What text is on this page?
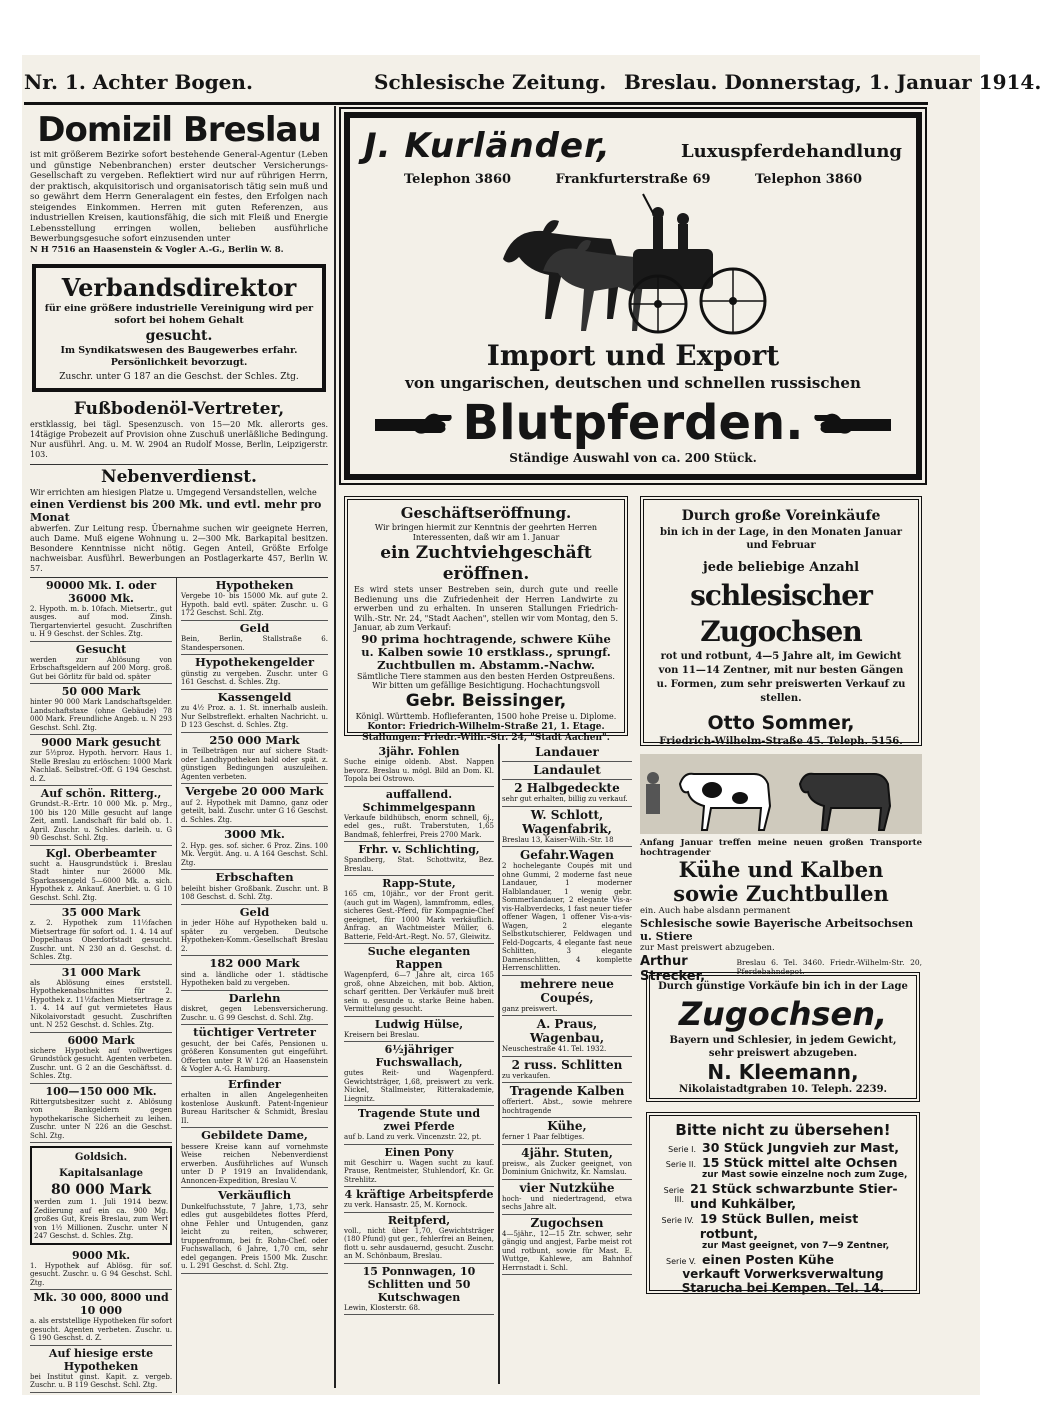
Nr. 1. Achter Bogen.	Schlesische Zeitung. Breslau. Donnerstag, 1. Januar 1914.
Domizil Breslau
ist mit größerem Bezirke sofort bestehende General-Agentur (Leben und günstige Nebenbranchen) erster deutscher Versicherungs-Gesellschaft zu vergeben. Reflektiert wird nur auf rührigen Herrn, der praktisch, akquisitorisch und organisatorisch tätig sein muß und so gewährt dem Herrn Generalagent ein festes, den Erfolgen nach steigendes Einkommen. Herren mit guten Referenzen, aus industriellen Kreisen, kautionsfähig, die sich mit Fleiß und Energie Lebensstellung erringen wollen, belieben ausführliche Bewerbungsgesuche sofort einzusenden unter
N H 7516 an Haasenstein & Vogler A.-G., Berlin W. 8.
Verbandsdirektor
für eine größere industrielle Vereinigung wird per sofort bei hohem Gehalt
gesucht.
Im Syndikatswesen des Baugewerbes erfahr. Persönlichkeit bevorzugt.
Zuschr. unter G 187 an die Geschst. der Schles. Ztg.
Fußbodenöl-Vertreter,
erstklassig, bei tägl. Spesenzusch. von 15—20 Mk. allerorts ges. 14tägige Probezeit auf Provision ohne Zuschuß unerläßliche Bedingung. Nur ausführl. Ang. u. M. W. 2904 an Rudolf Mosse, Berlin, Leipzigerstr. 103.
Nebenverdienst.
Wir errichten am hiesigen Platze u. Umgegend Versandstellen, welche
einen Verdienst bis 200 Mk. und evtl. mehr pro Monat
abwerfen. Zur Leitung resp. Übernahme suchen wir geeignete Herren, auch Dame. Muß eigene Wohnung u. 2—300 Mk. Barkapital besitzen. Besondere Kenntnisse nicht nötig. Gegen Anteil, Größte Erfolge nachweisbar. Ausführl. Bewerbungen an Postlagerkarte 457, Berlin W. 57.
90000 Mk. I. oder 36000 Mk.
2. Hypoth. m. b. 10fach. Mietsertr., gut ausges. auf mod. Zinsh. Tiergartenviertel gesucht. Zuschriften u. H 9 Geschst. der Schles. Ztg.
Gesucht
werden zur Ablösung von Erbschaftsgeldern auf 200 Morg. groß. Gut bei Görlitz für bald od. später
50 000 Mark
hinter 90 000 Mark Landschaftsgelder. Landschaftstaxe (ohne Gebäude) 78 000 Mark. Freundliche Angeb. u. N 293 Geschst. Schl. Ztg.
9000 Mark gesucht
zur 5½proz. Hypoth. hervorr. Haus 1. Stelle Breslau zu erlöschen: 1000 Mark Nachlaß. Selbstref.-Off. G 194 Geschst. d. Z.
Auf schön. Ritterg.,
Grundst.-R.-Ertr. 10 000 Mk. p. Mrg., 100 bis 120 Mille gesucht auf lange Zeit, amtl. Landschaft für bald ob. 1. April. Zuschr. u. Schles. darleih. u. G 90 Geschst. Schl. Ztg.
Kgl. Oberbeamter
sucht a. Hausgrundstück i. Breslau Stadt hinter nur 26000 Mk. Sparkassengeld 5—6000 Mk. a. sich. Hypothek z. Ankauf. Anerbiet. u. G 10 Geschst. Schl. Ztg.
35 000 Mark
z. 2. Hypothek zum 11½fachen Mietsertrage für sofort od. 1. 4. 14 auf Doppelhaus Oberdorfstadt gesucht. Zuschr. unt. N 230 an d. Geschst. d. Schles. Ztg.
31 000 Mark
als Ablösung eines erststell. Hypothekenabschnittes für 2. Hypothek z. 11½fachen Mietsertrage z. 1. 4. 14 auf gut vermietetes Haus Nikolaivorstadt gesucht. Zuschriften unt. N 252 Geschst. d. Schles. Ztg.
6000 Mark
sichere Hypothek auf vollwertiges Grundstück gesucht. Agenten verbeten. Zuschr. unt. G 2 an die Geschäftsst. d. Schles. Ztg.
100—150 000 Mk.
Rittergutsbesitzer sucht z. Ablösung von Bankgeldern gegen hypothekarische Sicherheit zu leihen. Zuschr. unter N 226 an die Geschst. Schl. Ztg.
Goldsich. Kapitalsanlage
80 000 Mark
werden zum 1. Juli 1914 bezw. Zediierung auf ein ca. 900 Mg. großes Gut, Kreis Breslau, zum Wert von 1½ Millionen. Zuschr. unter N 247 Geschst. d. Schles. Ztg.
9000 Mk.
1. Hypothek auf Ablösg. für sof. gesucht. Zuschr. u. G 94 Geschst. Schl. Ztg.
Mk. 30 000, 8000 und 10 000
a. als erststellige Hypotheken für sofort gesucht. Agenten verbeten. Zuschr. u. G 190 Geschst. d. Z.
Auf hiesige erste Hypotheken
bei Institut ginst. Kapit. z. vergeb. Zuschr. u. B 119 Geschst. Schl. Ztg.
Hypotheken
Vergebe 10- bis 15000 Mk. auf gute 2. Hypoth. bald evtl. später. Zuschr. u. G 172 Geschst. Schl. Ztg.
Geld
Bein, Berlin, Stallstraße 6. Standespersonen.
Hypothekengelder
günstig zu vergeben. Zuschr. unter G 161 Geschst. d. Schles. Ztg.
Kassengeld
zu 4½ Proz. a. 1. St. innerhalb ausleih. Nur Selbstreflekt. erhalten Nachricht. u. D 123 Geschst. d. Schles. Ztg.
250 000 Mark
in Teilbeträgen nur auf sichere Stadt- oder Landhypotheken bald oder spät. z. günstigen Bedingungen auszuleihen. Agenten verbeten.
Vergebe 20 000 Mark
auf 2. Hypothek mit Damno, ganz oder geteilt, bald. Zuschr. unter G 16 Geschst. d. Schles. Ztg.
3000 Mk.
2. Hyp. ges. sof. sicher. 6 Proz. Zins. 100 Mk. Vergüt. Ang. u. A 164 Geschst. Schl. Ztg.
Erbschaften
beleiht bisher Großbank. Zuschr. unt. B 108 Geschst. d. Schl. Ztg.
Geld
in jeder Höhe auf Hypotheken bald u. später zu vergeben. Deutsche Hypotheken-Komm.-Gesellschaft Breslau 2.
182 000 Mark
sind a. ländliche oder 1. städtische Hypotheken bald zu vergeben.
Darlehn
diskret, gegen Lebensversicherung. Zuschr. u. G 99 Geschst. d. Schl. Ztg.
tüchtiger Vertreter
gesucht, der bei Cafés, Pensionen u. größeren Konsumenten gut eingeführt. Offerten unter R W 126 an Haasenstein & Vogler A.-G. Hamburg.
Erfinder
erhalten in allen Angelegenheiten kostenlose Auskunft. Patent-Ingenieur Bureau Haritscher & Schmidt, Breslau II.
Gebildete Dame,
bessere Kreise kann auf vornehmste Weise reichen Nebenverdienst erwerben. Ausführliches auf Wunsch unter D P 1919 an Invalidendank, Annoncen-Expedition, Breslau V.
Verkäuflich
Dunkelfuchsstute, 7 Jahre, 1,73, sehr edles gut ausgebildetes flottes Pferd, ohne Fehler und Untugenden, ganz leicht zu reiten, schwerer, truppenfromm, bei fr. Rohn-Chef. oder Fuchswallach, 6 Jahre, 1,70 cm, sehr edel gegangen. Preis 1500 Mk. Zuschr. u. L 291 Geschst. d. Schl. Ztg.
J. Kurländer,	Luxuspferdehandlung
Telephon 3860	Frankfurterstraße 69	Telephon 3860
Import und Export
von ungarischen, deutschen und schnellen russischen
Blutpferden.
Ständige Auswahl von ca. 200 Stück.
Geschäftseröffnung.
Wir bringen hiermit zur Kenntnis der geehrten Herren Interessenten, daß wir am 1. Januar
ein Zuchtviehgeschäft eröffnen.
Es wird stets unser Bestreben sein, durch gute und reelle Bedienung uns die Zufriedenheit der Herren Landwirte zu erwerben und zu erhalten. In unseren Stallungen Friedrich-Wilh.-Str. Nr. 24, "Stadt Aachen", stellen wir vom Montag, den 5. Januar, ab zum Verkauf:
90 prima hochtragende, schwere Kühe u. Kalben sowie 10 erstklass., sprungf. Zuchtbullen m. Abstamm.-Nachw.
Sämtliche Tiere stammen aus den besten Herden Ostpreußens. Wir bitten um gefällige Besichtigung. Hochachtungsvoll
Gebr. Beissinger,
Königl. Württemb. Hoflieferanten, 1500 hohe Preise u. Diplome.
Kontor: Friedrich-Wilhelm-Straße 21, 1. Etage.
Stallungen: Friedr.-Wilh.-Str. 24, "Stadt Aachen".
Durch große Voreinkäufe
bin ich in der Lage, in den Monaten Januar und Februar
jede beliebige Anzahl
schlesischer Zugochsen
rot und rotbunt, 4—5 Jahre alt, im Gewicht von 11—14 Zentner, mit nur besten Gängen u. Formen, zum sehr preiswerten Verkauf zu stellen.
Otto Sommer,
Friedrich-Wilhelm-Straße 45. Teleph. 5156.
Anfang Januar treffen meine neuen großen Transporte hochtragender
Kühe und Kalben
sowie Zuchtbullen
ein. Auch habe alsdann permanent
Schlesische sowie Bayerische Arbeitsochsen u. Stiere
zur Mast preiswert abzugeben.
Arthur Strecker,
Breslau 6. Tel. 3460. Friedr.-Wilhelm-Str. 20, Pferdebahndepot.
Durch günstige Vorkäufe bin ich in der Lage
Zugochsen,
Bayern und Schlesier, in jedem Gewicht, sehr preiswert abzugeben.
N. Kleemann,
Nikolaistadtgraben 10. Teleph. 2239.
Bitte nicht zu übersehen!
Serie I. 30 Stück Jungvieh zur Mast,
Serie II. 15 Stück mittel alte Ochsen
zur Mast sowie einzelne noch zum Zuge,
Serie III.
21 Stück schwarzbunte Stier- und Kuhkälber,
Serie IV. 19 Stück Bullen, meist rotbunt,
zur Mast geeignet, von 7—9 Zentner,
Serie V. einen Posten Kühe
verkauft Vorwerksverwaltung
Starucha bei Kempen. Tel. 14.
3jähr. Fohlen
Suche einige oldenb. Abst. Nappen bevorz. Breslau u. mögl. Bild an Dom. Kl. Topola bei Ostrowo.
auffallend. Schimmelgespann
Verkaufe bildhübsch, enorm schnell, 6j., edel ges., rußt. Traberstuten, 1,65 Bandmaß, fehlerfrei, Preis 2700 Mark.
Frhr. v. Schlichting,
Spandberg, Stat. Schottwitz, Bez. Breslau.
Rapp-Stute,
165 cm, 10jähr., vor der Front gerit. (auch gut im Wagen), lammfromm, edles, sicheres Gest.-Pferd, für Kompagnie-Chef geeignet, für 1000 Mark verkäuflich. Anfrag. an Wachtmeister Müller, 6. Batterie, Feld-Art.-Regt. No. 57, Gleiwitz.
Suche eleganten Rappen
Wagenpferd, 6—7 Jahre alt, circa 165 groß, ohne Abzeichen, mit bob. Aktion, scharf geritten. Der Verkäufer muß breit sein u. gesunde u. starke Beine haben. Vermittelung gesucht.
Ludwig Hülse,
Kreisern bei Breslau.
6½jähriger Fuchswallach,
gutes Reit- und Wagenpferd. Gewichtsträger, 1,68, preiswert zu verk. Nickel, Stallmeister, Ritterakademie, Liegnitz.
Tragende Stute und zwei Pferde
auf b. Land zu verk. Vincenzstr. 22, pt.
Einen Pony
mit Geschirr u. Wagen sucht zu kauf. Prause, Rentmeister, Stuhlendorf, Kr. Gr. Strehlitz.
4 kräftige Arbeitspferde
zu verk. Hansastr. 25, M. Kornock.
Reitpferd,
voll., nicht über 1,70, Gewichtsträger (180 Pfund) gut ger., fehlerfrei an Beinen, flott u. sehr ausdauernd, gesucht. Zuschr. an M. Schönbaum, Breslau.
15 Ponnwagen, 10 Schlitten und 50 Kutschwagen
Lewin, Klosterstr. 68.
Landauer
Landaulet
2 Halbgedeckte
sehr gut erhalten, billig zu verkauf.
W. Schlott, Wagenfabrik,
Breslau 13, Kaiser-Wilh.-Str. 18
Gefahr.Wagen
2 hochelegante Coupés mit und ohne Gummi, 2 moderne fast neue Landauer, 1 moderner Halblandauer, 1 wenig gebr. Sommerlandauer, 2 elegante Vis-a-vis-Halbverdecks, 1 fast neuer tiefer offener Wagen, 1 offener Vis-a-vis-Wagen, 2 elegante Selbstkutschierer, Feldwagen und Feld-Dogcarts, 4 elegante fast neue Schlitten, 3 elegante Damenschlitten, 4 komplette Herrenschlitten.
mehrere neue Coupés,
ganz preiswert.
A. Praus, Wagenbau,
Neuschestraße 41. Tel. 1932.
2 russ. Schlitten
zu verkaufen.
Tragende Kalben
offeriert. Abst., sowie mehrere hochtragende
Kühe,
ferner 1 Paar felbtiges.
4jähr. Stuten,
preisw., als Zucker geeignet, von Dominium Gnichwitz, Kr. Namslau.
vier Nutzkühe
hoch- und niedertragend, etwa sechs Jahre alt.
Zugochsen
4—5jähr., 12—15 Ztr. schwer, sehr gängig und angjest, Farbe meist rot und rotbunt, sowie für Mast. E. Wuttge, Kahlewe, am Bahnhof Herrnstadt i. Schl.
